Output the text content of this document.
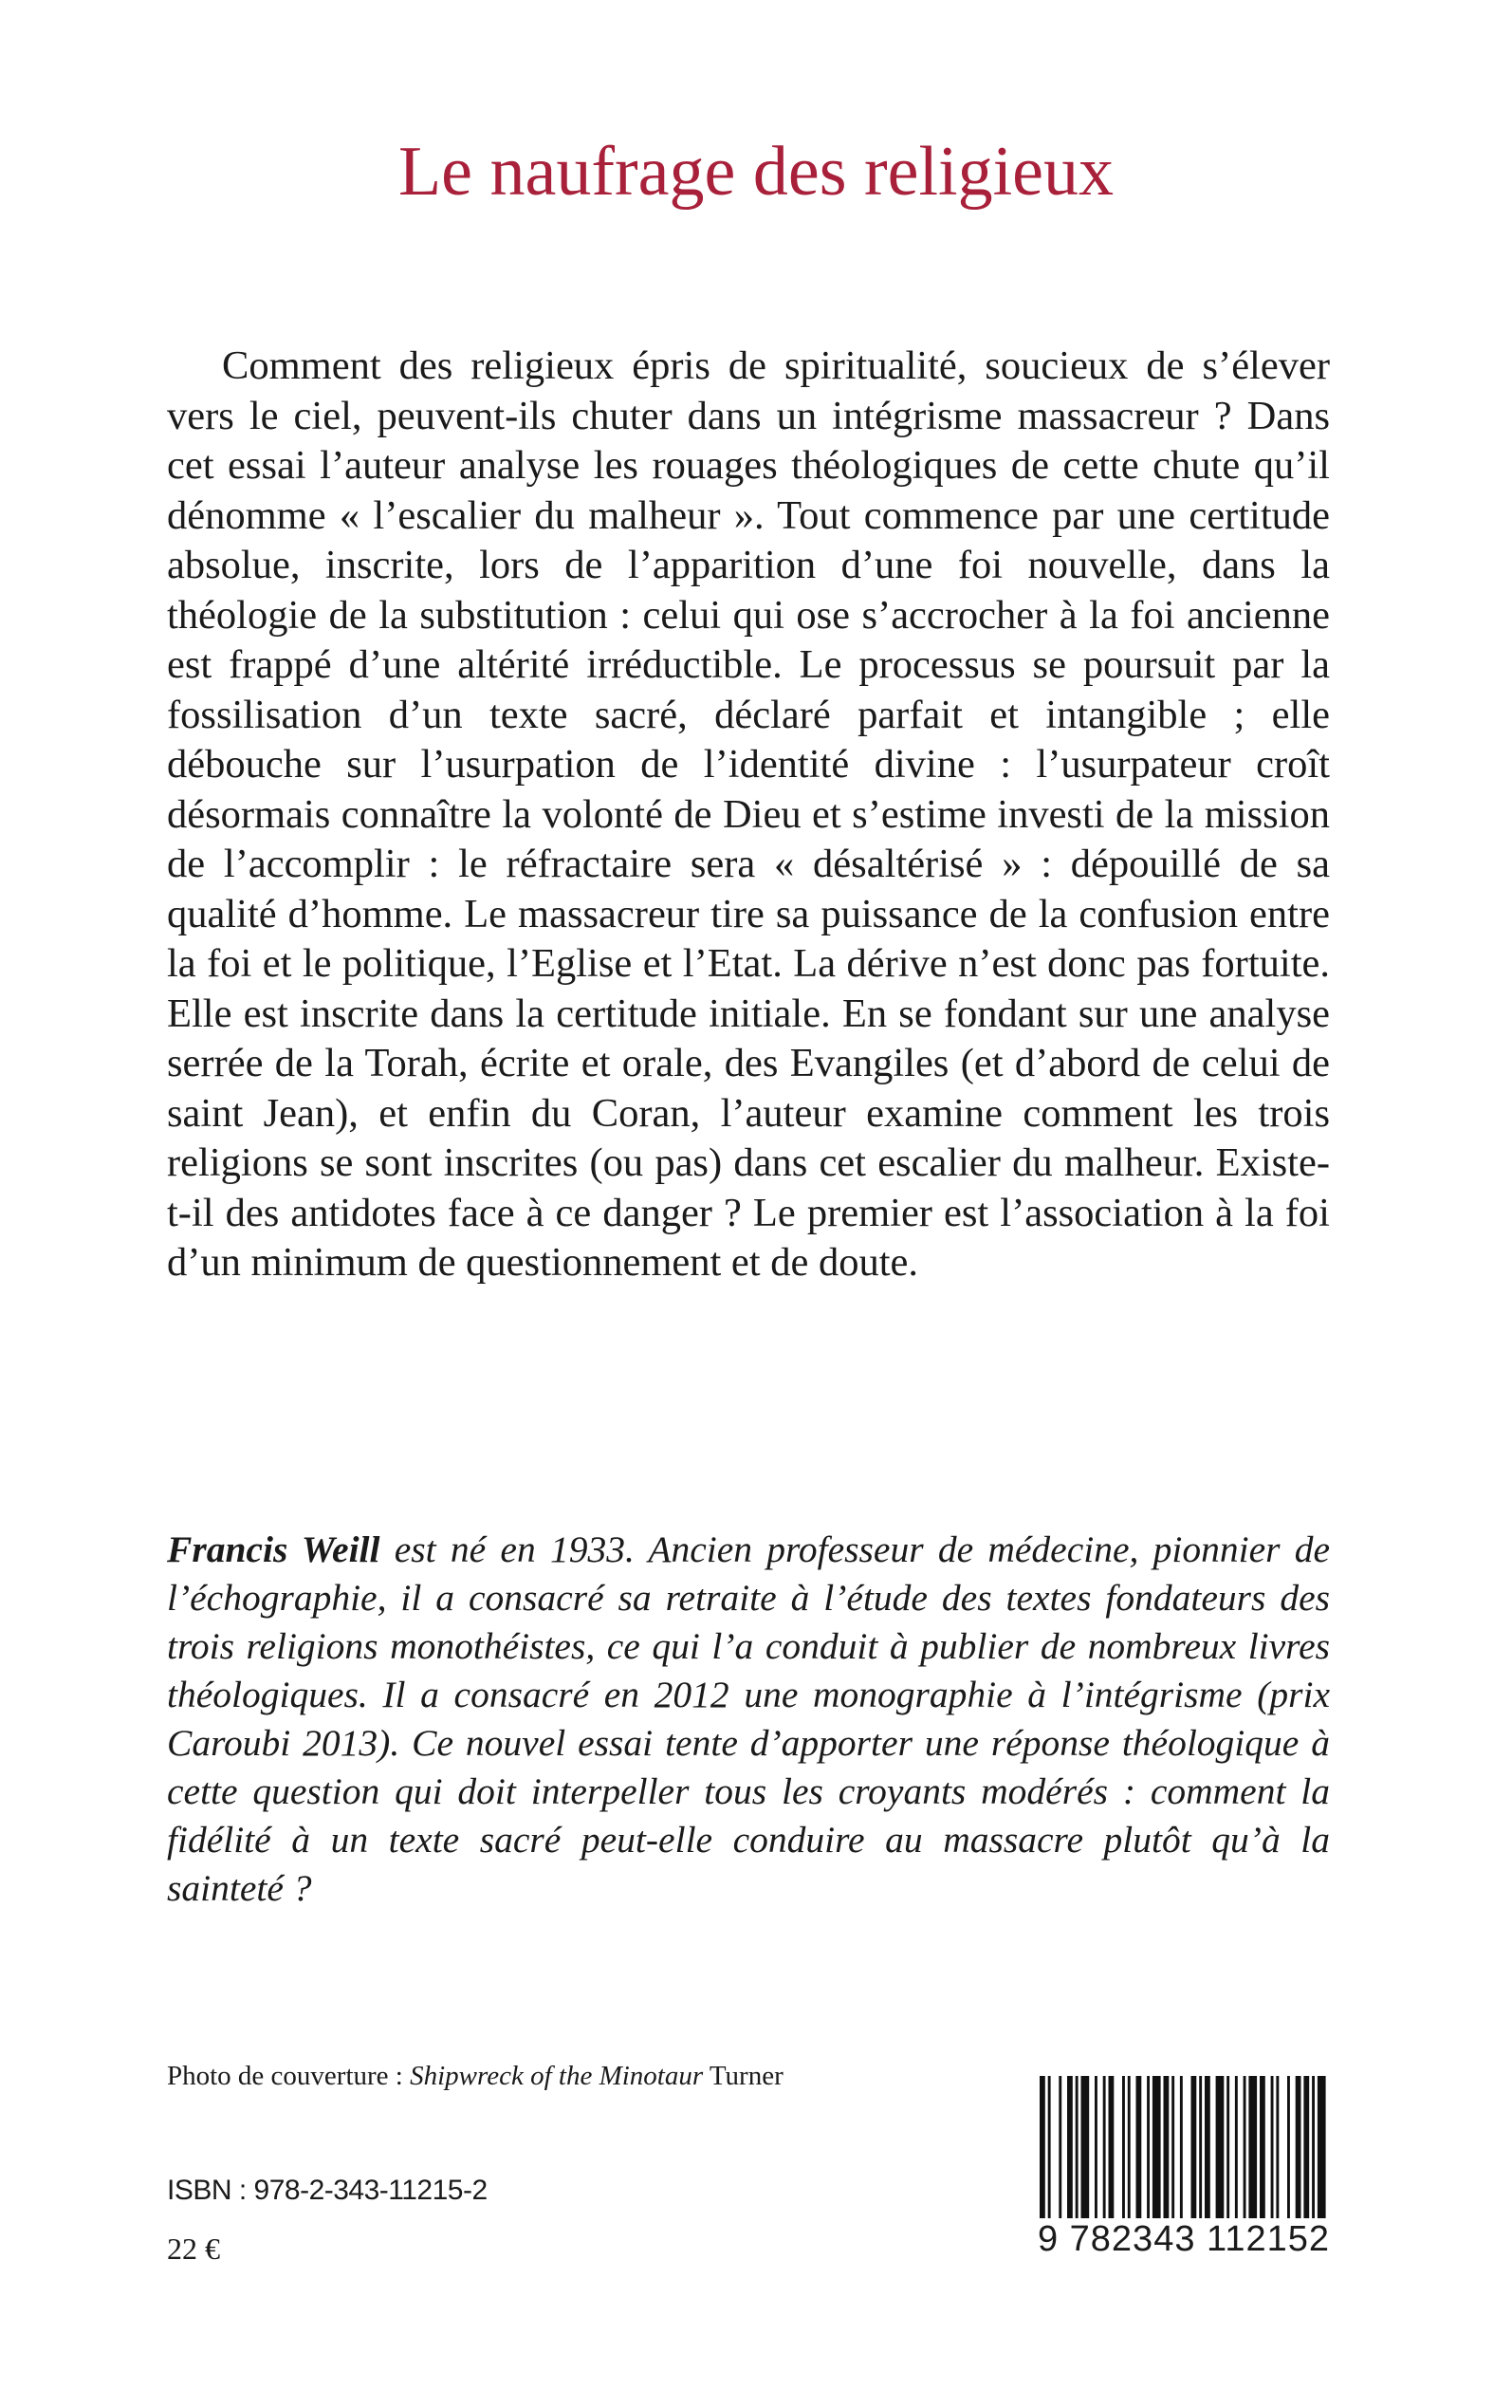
Le naufrage des religieux

Comment des religieux épris de spiritualité, soucieux de s’élever vers le ciel, peuvent-ils chuter dans un intégrisme massacreur ? Dans cet essai l’auteur analyse les rouages théologiques de cette chute qu’il dénomme « l’escalier du malheur ». Tout commence par une certitude absolue, inscrite, lors de l’apparition d’une foi nouvelle, dans la théologie de la substitution : celui qui ose s’accrocher à la foi ancienne est frappé d’une altérité irréductible. Le processus se poursuit par la fossilisation d’un texte sacré, déclaré parfait et intangible ; elle débouche sur l’usurpation de l’identité divine : l’usurpateur croît désormais connaître la volonté de Dieu et s’estime investi de la mission de l’accomplir : le réfractaire sera « désaltérisé » : dépouillé de sa qualité d’homme. Le massacreur tire sa puissance de la confusion entre la foi et le politique, l’Eglise et l’Etat. La dérive n’est donc pas fortuite. Elle est inscrite dans la certitude initiale. En se fondant sur une analyse serrée de la Torah, écrite et orale, des Evangiles (et d’abord de celui de saint Jean), et enfin du Coran, l’auteur examine comment les trois religions se sont inscrites (ou pas) dans cet escalier du malheur. Existe-t-il des antidotes face à ce danger ? Le premier est l’association à la foi d’un minimum de questionnement et de doute.

Francis Weill est né en 1933. Ancien professeur de médecine, pionnier de l’échographie, il a consacré sa retraite à l’étude des textes fondateurs des trois religions monothéistes, ce qui l’a conduit à publier de nombreux livres théologiques. Il a consacré en 2012 une monographie à l’intégrisme (prix Caroubi 2013). Ce nouvel essai tente d’apporter une réponse théologique à cette question qui doit interpeller tous les croyants modérés : comment la fidélité à un texte sacré peut-elle conduire au massacre plutôt qu’à la sainteté ?

Photo de couverture : Shipwreck of the Minotaur Turner

ISBN : 978-2-343-11215-2

22 €	9 782343 112152
